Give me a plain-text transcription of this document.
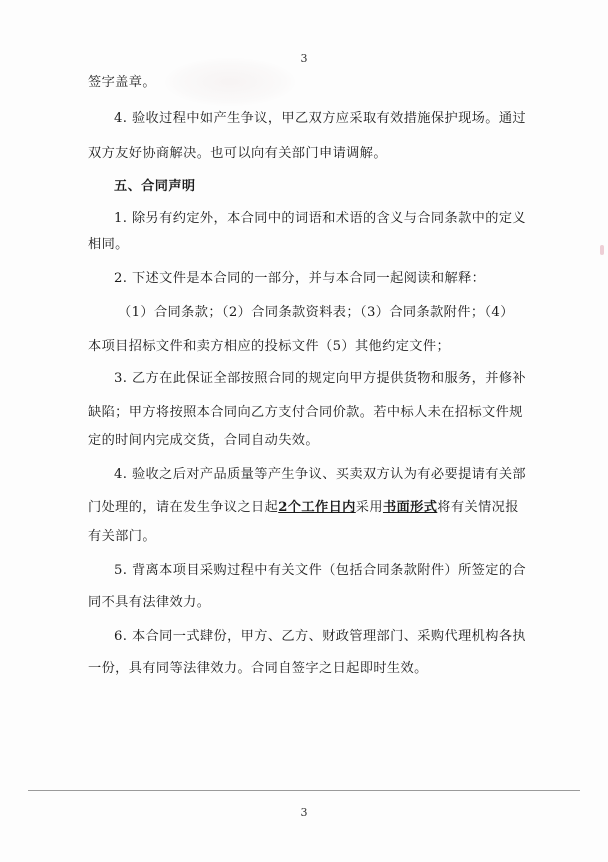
3
签字盖章。
4. 验收过程中如产生争议，甲乙双方应采取有效措施保护现场。通过
双方友好协商解决。也可以向有关部门申请调解。
五、合同声明
1. 除另有约定外，本合同中的词语和术语的含义与合同条款中的定义
相同。
2. 下述文件是本合同的一部分，并与本合同一起阅读和解释：
（1）合同条款；（2）合同条款资料表；（3）合同条款附件；（4）
本项目招标文件和卖方相应的投标文件（5）其他约定文件；
3. 乙方在此保证全部按照合同的规定向甲方提供货物和服务，并修补
缺陷；甲方将按照本合同向乙方支付合同价款。若中标人未在招标文件规
定的时间内完成交货，合同自动失效。
4. 验收之后对产品质量等产生争议、买卖双方认为有必要提请有关部
门处理的，请在发生争议之日起2个工作日内采用书面形式将有关情况报
有关部门。
5. 背离本项目采购过程中有关文件（包括合同条款附件）所签定的合
同不具有法律效力。
6. 本合同一式肆份，甲方、乙方、财政管理部门、采购代理机构各执
一份，具有同等法律效力。合同自签字之日起即时生效。
3
